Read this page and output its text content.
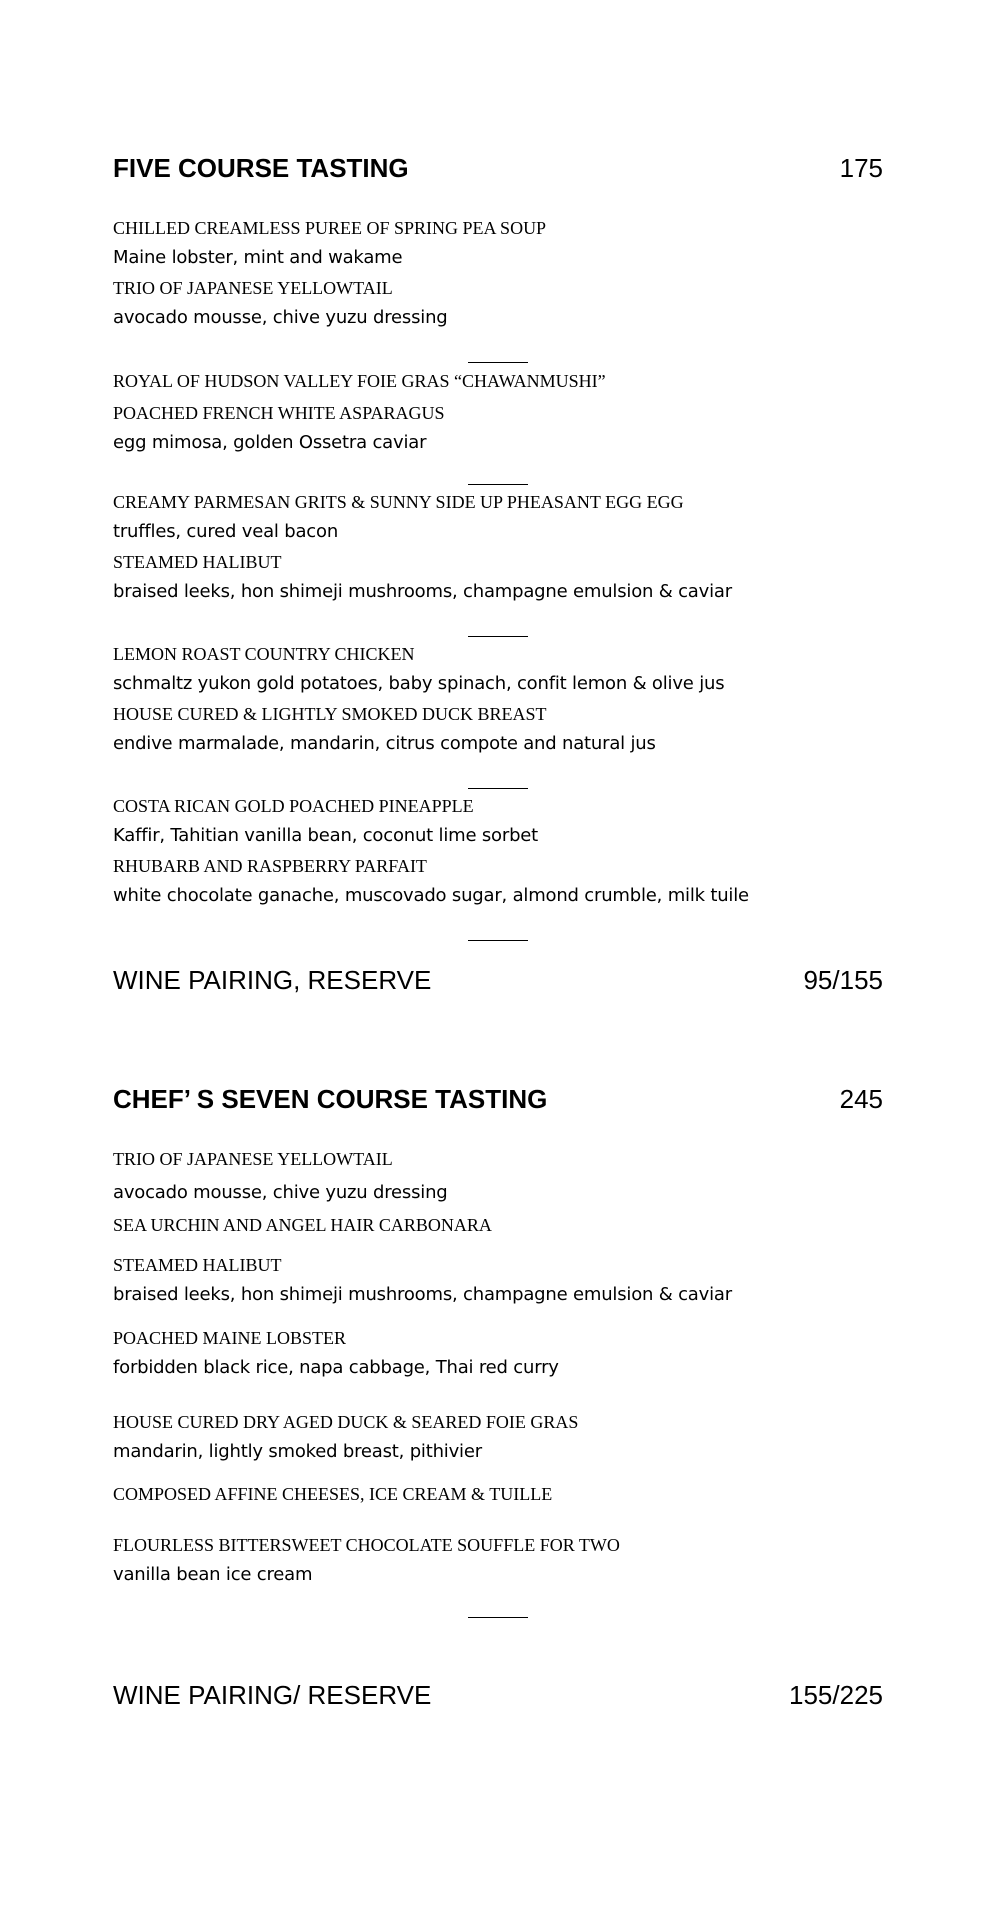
FIVE COURSE TASTING	175
CHILLED CREAMLESS PUREE OF SPRING PEA SOUP
Maine lobster, mint and wakame
TRIO OF JAPANESE YELLOWTAIL
avocado mousse, chive yuzu dressing
ROYAL OF HUDSON VALLEY FOIE GRAS “CHAWANMUSHI”
POACHED FRENCH WHITE ASPARAGUS
egg mimosa, golden Ossetra caviar
CREAMY PARMESAN GRITS & SUNNY SIDE UP PHEASANT EGG EGG
truffles, cured veal bacon
STEAMED HALIBUT
braised leeks, hon shimeji mushrooms, champagne emulsion & caviar
LEMON ROAST COUNTRY CHICKEN
schmaltz yukon gold potatoes, baby spinach, confit lemon & olive jus
HOUSE CURED & LIGHTLY SMOKED DUCK BREAST
endive marmalade, mandarin, citrus compote and natural jus
COSTA RICAN GOLD POACHED PINEAPPLE
Kaffir, Tahitian vanilla bean, coconut lime sorbet
RHUBARB AND RASPBERRY PARFAIT
white chocolate ganache, muscovado sugar, almond crumble, milk tuile
WINE PAIRING, RESERVE	95/155
CHEF’ S SEVEN COURSE TASTING	245
TRIO OF JAPANESE YELLOWTAIL
avocado mousse, chive yuzu dressing
SEA URCHIN AND ANGEL HAIR CARBONARA
STEAMED HALIBUT
braised leeks, hon shimeji mushrooms, champagne emulsion & caviar
POACHED MAINE LOBSTER
forbidden black rice, napa cabbage, Thai red curry
HOUSE CURED DRY AGED DUCK & SEARED FOIE GRAS
mandarin, lightly smoked breast, pithivier
COMPOSED AFFINE CHEESES, ICE CREAM & TUILLE
FLOURLESS BITTERSWEET CHOCOLATE SOUFFLE FOR TWO
vanilla bean ice cream
WINE PAIRING/ RESERVE	155/225
